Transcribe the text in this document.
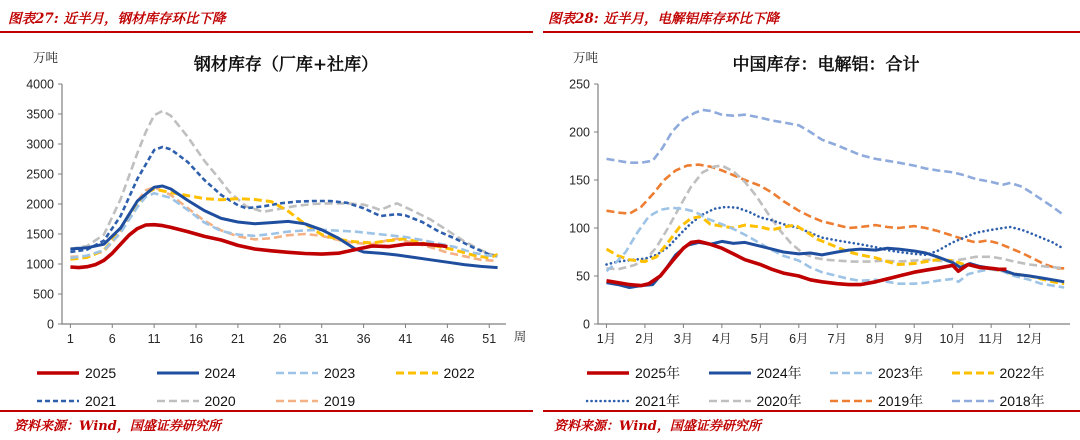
图表27: 近半月，钢材库存环比下降
万吨	钢材库存（厂库+社库）
0
500
1000
1500
2000
2500
3000
3500
4000
1	6	11 16 21 26 31 36 41 46 51 周
2025	2024	2023	2022
2021	2020	2019
资料来源：Wind，国盛证券研究所
图表28: 近半月，电解铝库存环比下降
万吨	中国库存：电解铝：合计
0
50
100
150
200
250
1月 2月 3月 4月 5月 6月 7月 8月 9月 10月 11月 12月
2025年	2024年	2023年	2022年
2021年	2020年	2019年	2018年
资料来源：Wind，国盛证券研究所
